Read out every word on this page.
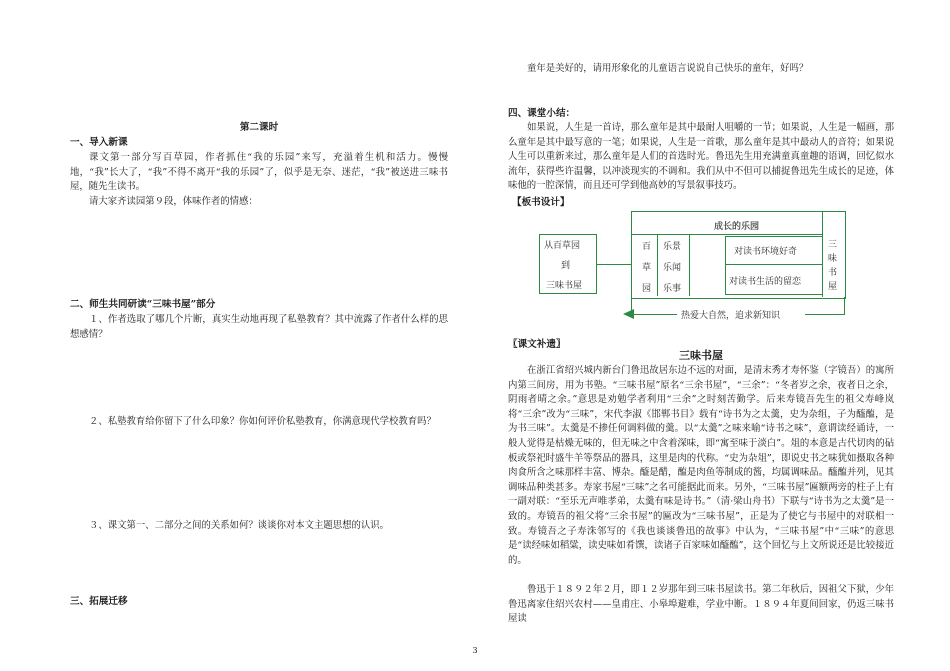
第二课时

一、导入新课

课文第一部分写百草园，作者抓住“我的乐园”来写，充溢着生机和活力。慢慢地，“我”长大了，“我”不得不离开“我的乐园”了，似乎是无奈、迷茫，“我”被送进三味书屋，随先生读书。

请大家齐读园第９段，体味作者的情感：

二、师生共同研读“三味书屋”部分

１、作者选取了哪几个片断，真实生动地再现了私塾教育？其中流露了作者什么样的思想感情？

２、私塾教育给你留下了什么印象？你如何评价私塾教育，你满意现代学校教育吗？

３、课文第一、二部分之间的关系如何？谈谈你对本文主题思想的认识。

三、拓展迁移

童年是美好的，请用形象化的儿童语言说说自己快乐的童年，好吗？

四、课堂小结：

如果说，人生是一首诗，那么童年是其中最耐人咀嚼的一节；如果说，人生是一幅画，那么童年是其中最写意的一笔；如果说，人生是一首歌，那么童年是其中最动人的音符；如果说人生可以重新来过，那么童年是人们的首选时光。鲁迅先生用充满童真童趣的语调，回忆似水流年，获得些许温馨，以冲淡现实的不调和。我们从中不但可以捕捉鲁迅先生成长的足迹，体味他的一腔深情，而且还可学到他高妙的写景叙事技巧。

【板书设计】

〖课文补遗〗

三味书屋

在浙江省绍兴城内新台门鲁迅故居东边不远的对面，是清末秀才寿怀鉴（字镜吾）的寓所内第三间房，用为书塾。“三味书屋”原名“三余书屋”，“三余”：“冬者岁之余，夜者日之余，阴雨者晴之余。”意思是劝勉学者利用“三余”之时刻苦勤学。后来寿镜吾先生的祖父寿峰岚将“三余”改为“三味”，宋代李淑《邯郸书目》载有“诗书为之太羹，史为杂组，子为醯醢，是为书三味”。太羹是不掺任何调料做的羹。以“太羹”之味来喻“诗书之味”，意谓读经诵诗，一般人觉得是枯燥无味的，但无味之中含着深味，即“寓至味于淡白”。俎的本意是古代切肉的砧板或祭祀时盛牛羊等祭品的器具，这里是肉的代称。“史为杂俎”，即说史书之味犹如摄取各种肉食所含之味那样丰富、博杂。醯是醋，醢是肉鱼等制成的酱，均属调味品。醯醢并列，见其调味品种类甚多。寿家书屋“三味”之名可能据此而来。另外，“三味书屋”匾额两旁的柱子上有一副对联：“至乐无声唯孝弟，太羹有味是诗书。”（清·梁山舟书）下联与“诗书为之太羹”是一致的。寿镜吾的祖父将“三余书屋”的匾改为“三味书屋”，正是为了使它与书屋中的对联相一致。寿镜吾之子寿洙邻写的《我也谈谈鲁迅的故事》中认为，“三味书屋”中“三味”的意思是“读经味如稻粱，读史味如肴馔，读诸子百家味如醯醢”，这个回忆与上文所说还是比较接近的。

鲁迅于１８９２年２月，即１２岁那年到三味书屋读书。第二年秋后，因祖父下狱，少年鲁迅离家住绍兴农村——皇甫庄、小皋埠避难，学业中断。１８９４年夏间回家，仍返三味书屋读

从百草园
到
三味书屋
成长的乐园
百
草
园
乐景
乐闻
乐事
对读书环境好奇
对读书生活的留恋
三
味
书
屋
热爱大自然，追求新知识
3
